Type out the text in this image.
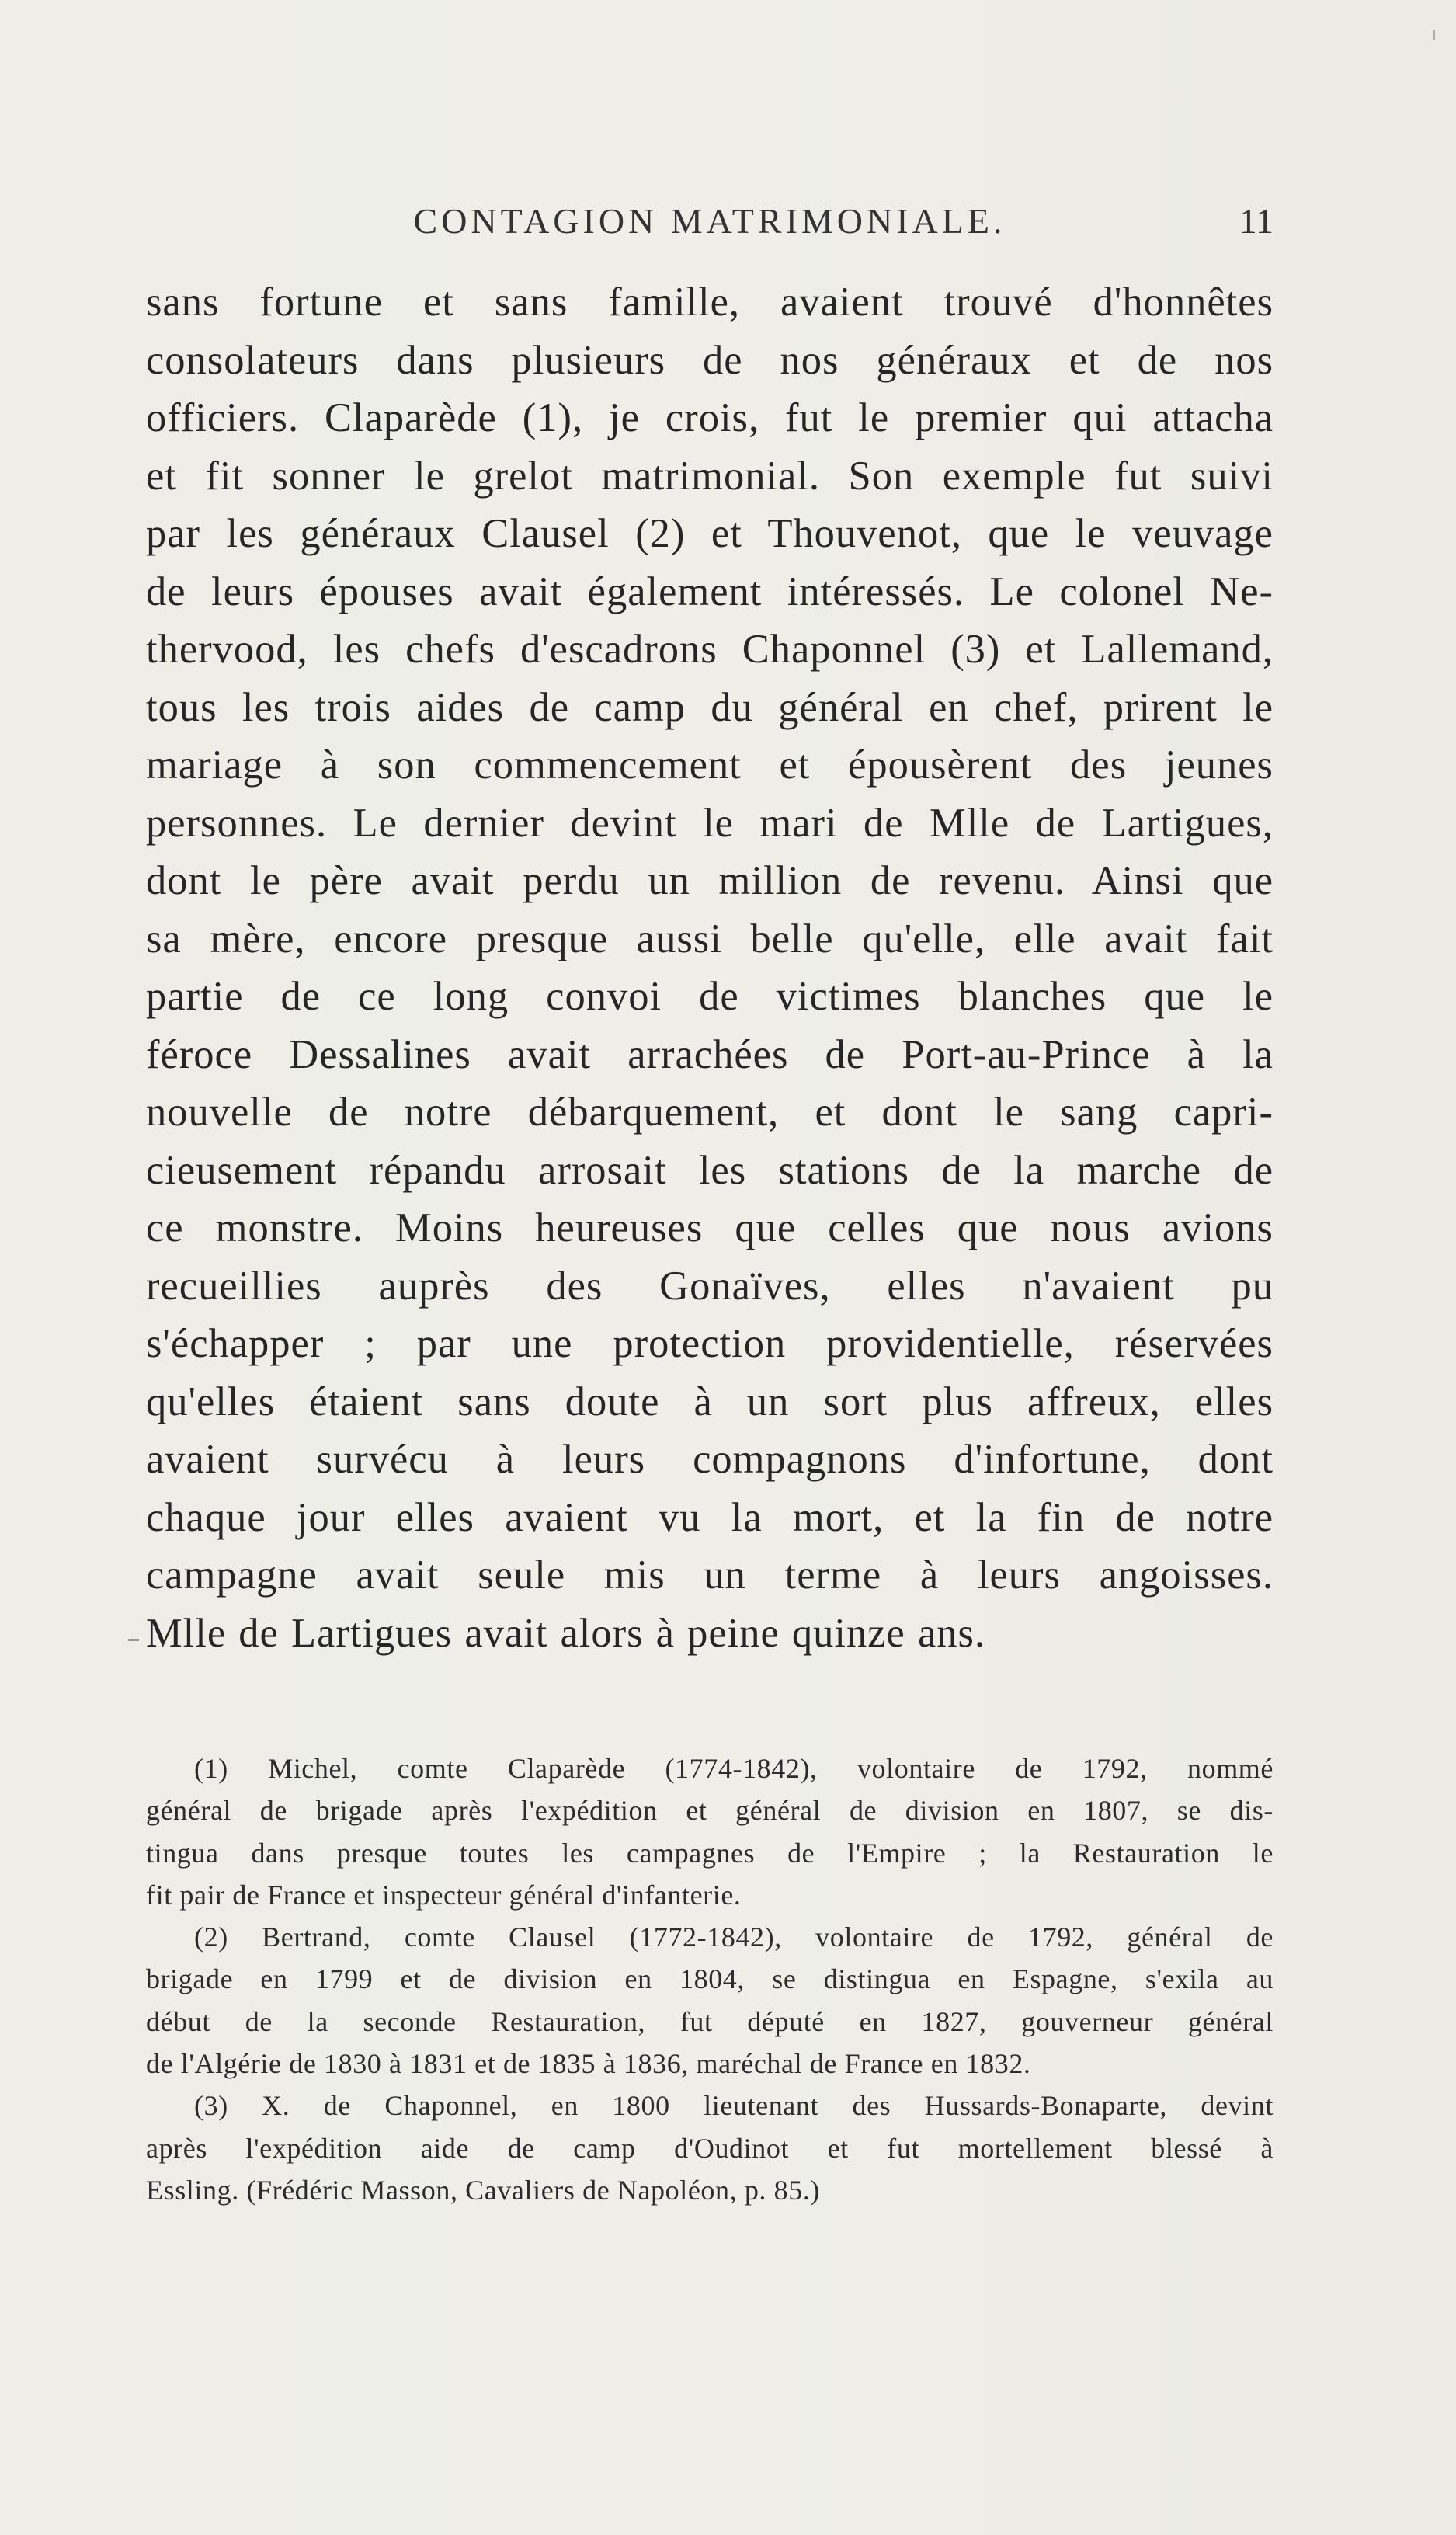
CONTAGION MATRIMONIALE.	11
sans fortune et sans famille, avaient trouvé d'honnêtes
consolateurs dans plusieurs de nos généraux et de nos
officiers. Claparède (1), je crois, fut le premier qui attacha
et fit sonner le grelot matrimonial. Son exemple fut suivi
par les généraux Clausel (2) et Thouvenot, que le veuvage
de leurs épouses avait également intéressés. Le colonel Ne-
thervood, les chefs d'escadrons Chaponnel (3) et Lallemand,
tous les trois aides de camp du général en chef, prirent le
mariage à son commencement et épousèrent des jeunes
personnes. Le dernier devint le mari de Mlle de Lartigues,
dont le père avait perdu un million de revenu. Ainsi que
sa mère, encore presque aussi belle qu'elle, elle avait fait
partie de ce long convoi de victimes blanches que le
féroce Dessalines avait arrachées de Port-au-Prince à la
nouvelle de notre débarquement, et dont le sang capri-
cieusement répandu arrosait les stations de la marche de
ce monstre. Moins heureuses que celles que nous avions
recueillies auprès des Gonaïves, elles n'avaient pu
s'échapper ; par une protection providentielle, réservées
qu'elles étaient sans doute à un sort plus affreux, elles
avaient survécu à leurs compagnons d'infortune, dont
chaque jour elles avaient vu la mort, et la fin de notre
campagne avait seule mis un terme à leurs angoisses.
Mlle de Lartigues avait alors à peine quinze ans.
(1) Michel, comte Claparède (1774-1842), volontaire de 1792, nommé
général de brigade après l'expédition et général de division en 1807, se dis-
tingua dans presque toutes les campagnes de l'Empire ; la Restauration le
fit pair de France et inspecteur général d'infanterie.
(2) Bertrand, comte Clausel (1772-1842), volontaire de 1792, général de
brigade en 1799 et de division en 1804, se distingua en Espagne, s'exila au
début de la seconde Restauration, fut député en 1827, gouverneur général
de l'Algérie de 1830 à 1831 et de 1835 à 1836, maréchal de France en 1832.
(3) X. de Chaponnel, en 1800 lieutenant des Hussards-Bonaparte, devint
après l'expédition aide de camp d'Oudinot et fut mortellement blessé à
Essling. (Frédéric Masson, Cavaliers de Napoléon, p. 85.)
